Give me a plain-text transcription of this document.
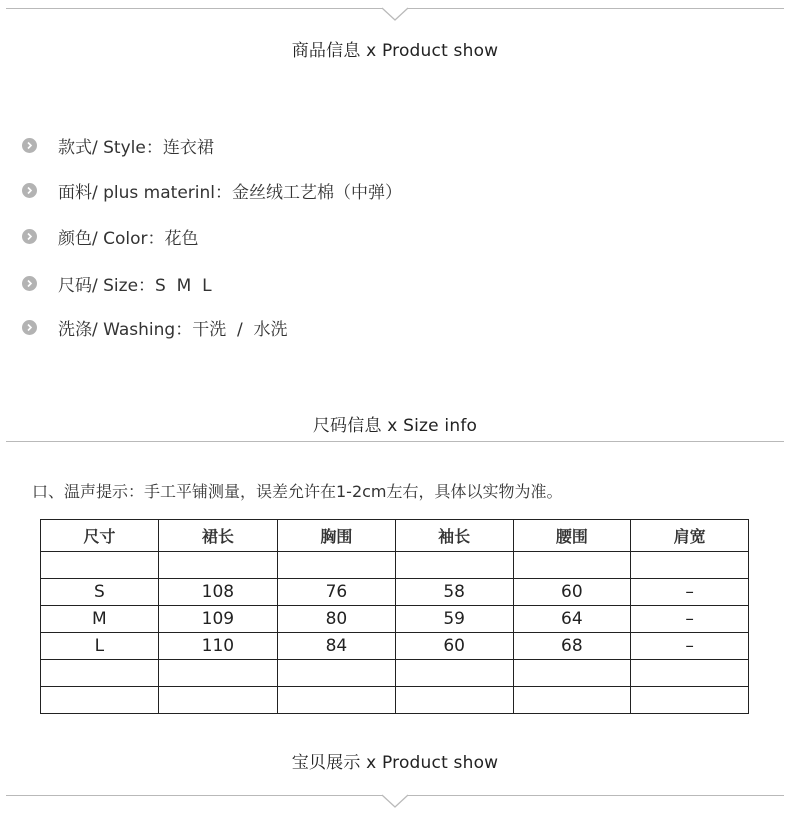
商品信息 x Product show
款式/ Style：连衣裙
面料/ plus materinl：金丝绒工艺棉（中弹）
颜色/ Color：花色
尺码/ Size：S  M  L
洗涤/ Washing：干洗  /  水洗
尺码信息 x Size info
口、温声提示：手工平铺测量，误差允许在1-2cm左右，具体以实物为准。
尺寸	裙长	胸围	袖长	腰围	肩宽

S	108	76	58	60	–
M	109	80	59	64	–
L	110	84	60	68	–

宝贝展示 x Product show
